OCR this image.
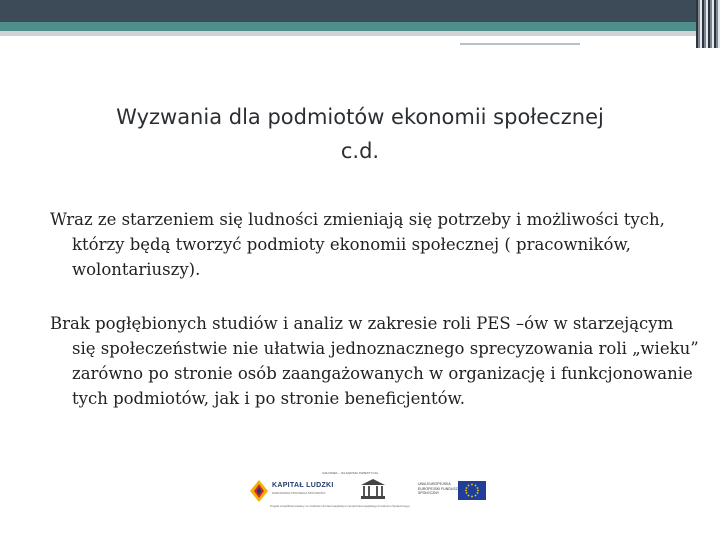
Wyzwania dla podmiotów ekonomii społecznej
c.d.

Wraz ze starzeniem się ludności zmieniają się potrzeby i możliwości tych, którzy będą tworzyć podmioty ekonomii społecznej ( pracowników, wolontariuszy).

Brak pogłębionych studiów i analiz w zakresie roli PES –ów w starzejącym się społeczeństwie nie ułatwia jednoznacznego sprecyzowania roli „wieku” zarówno po stronie osób zaangażowanych w organizację i funkcjonowanie tych podmiotów, jak i po stronie beneficjentów.

KAPITAŁ LUDZKI
NARODOWA STRATEGIA SPÓJNOŚCI
CZŁOWIEK – NAJLEPSZA INWESTYCJA
UNIA EUROPEJSKA EUROPEJSKI FUNDUSZ SPOŁECZNY
Projekt współfinansowany ze środków Unii Europejskiej w ramach Europejskiego Funduszu Społecznego
